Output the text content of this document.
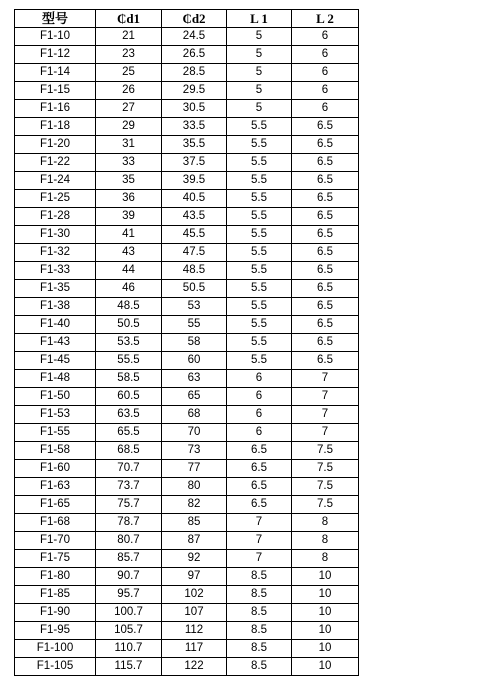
型号	₵d1	₵d2	L 1	L 2
F1-10	21	24.5	5	6
F1-12	23	26.5	5	6
F1-14	25	28.5	5	6
F1-15	26	29.5	5	6
F1-16	27	30.5	5	6
F1-18	29	33.5	5.5	6.5
F1-20	31	35.5	5.5	6.5
F1-22	33	37.5	5.5	6.5
F1-24	35	39.5	5.5	6.5
F1-25	36	40.5	5.5	6.5
F1-28	39	43.5	5.5	6.5
F1-30	41	45.5	5.5	6.5
F1-32	43	47.5	5.5	6.5
F1-33	44	48.5	5.5	6.5
F1-35	46	50.5	5.5	6.5
F1-38	48.5	53	5.5	6.5
F1-40	50.5	55	5.5	6.5
F1-43	53.5	58	5.5	6.5
F1-45	55.5	60	5.5	6.5
F1-48	58.5	63	6	7
F1-50	60.5	65	6	7
F1-53	63.5	68	6	7
F1-55	65.5	70	6	7
F1-58	68.5	73	6.5	7.5
F1-60	70.7	77	6.5	7.5
F1-63	73.7	80	6.5	7.5
F1-65	75.7	82	6.5	7.5
F1-68	78.7	85	7	8
F1-70	80.7	87	7	8
F1-75	85.7	92	7	8
F1-80	90.7	97	8.5	10
F1-85	95.7	102	8.5	10
F1-90	100.7	107	8.5	10
F1-95	105.7	112	8.5	10
F1-100	110.7	117	8.5	10
F1-105	115.7	122	8.5	10
